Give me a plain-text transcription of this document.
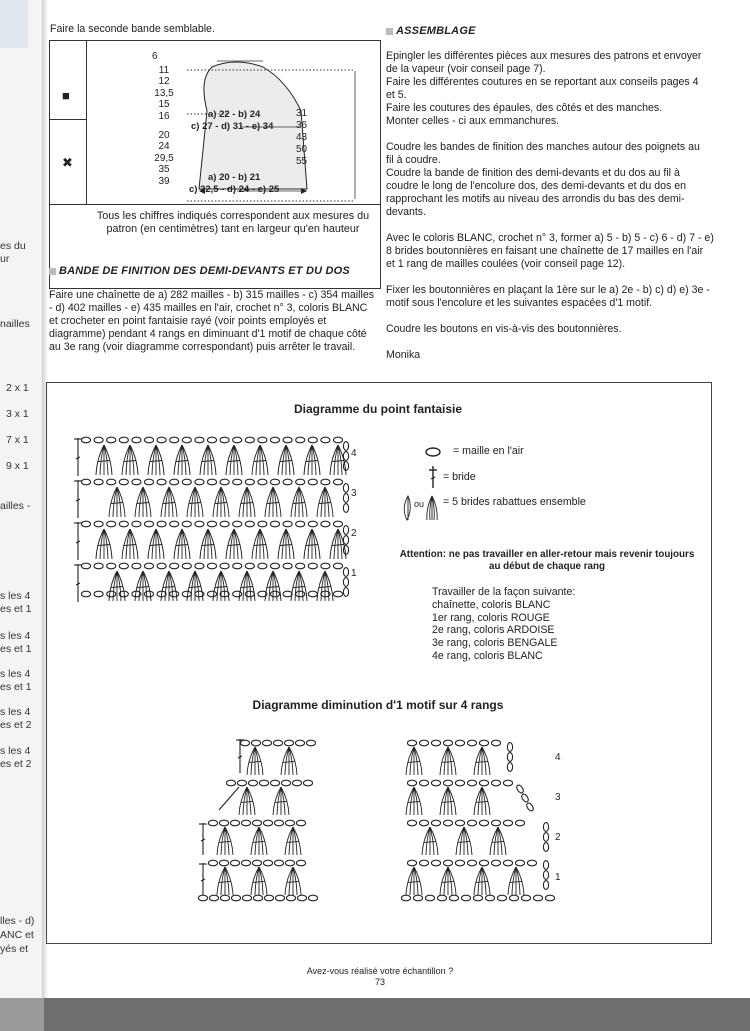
es du
ur
nailles
2 x 1
3 x 1
7 x 1
9 x 1
ailles -
s les 4
es et 1
s les 4
es et 1
s les 4
es et 1
s les 4
es et 2
s les 4
es et 2
lles - d)
ANC et
yés et
Faire la seconde bande semblable.
■
✖
6
11
12
13,5
15
16
20
24
29,5
35
39
31
36
43
50
55
a) 22 - b) 24
c) 27 - d) 31 - e) 34
a) 20 - b) 21
c) 22,5 - d) 24 - e) 25
Tous les chiffres indiqués correspondent aux mesures du patron (en centimètres) tant en largeur qu'en hauteur
BANDE DE FINITION DES DEMI-DEVANTS ET DU DOS
Faire une chaînette de a) 282 mailles - b) 315 mailles - c) 354 mailles
- d) 402 mailles - e) 435 mailles en l'air, crochet n° 3, coloris BLANC
et crocheter en point fantaisie rayé (voir points employés et
diagramme) pendant 4 rangs en diminuant d'1 motif de chaque côté
au 3e rang (voir diagramme correspondant) puis arrêter le travail.
ASSEMBLAGE
Epingler les différentes pièces aux mesures des patrons et envoyer
de la vapeur (voir conseil page 7).
Faire les différentes coutures en se reportant aux conseils pages 4
et 5.
Faire les coutures des épaules, des côtés et des manches.
Monter celles - ci aux emmanchures.

Coudre les bandes de finition des manches autour des poignets au
fil à coudre.
Coudre la bande de finition des demi-devants et du dos au fil à
coudre le long de l'encolure dos, des demi-devants et du dos en
rapprochant les motifs au niveau des arrondis du bas des demi-
devants.

Avec le coloris BLANC, crochet n° 3, former a) 5 - b) 5 - c) 6 - d) 7 - e)
8 brides boutonnières en faisant une chaînette de 17 mailles en l'air
et 1 rang de mailles coulées (voir conseil page 12).

Fixer les boutonnières en plaçant la 1ère sur le a) 2e - b) c) d) e) 3e -
motif sous l'encolure et les suivantes espacées d'1 motif.

Coudre les boutons en vis-à-vis des boutonnières.

Monika
Diagramme du point fantaisie
4
3
2
1
= maille en l'air
= bride
ou = 5 brides rabattues ensemble
Attention: ne pas travailler en aller-retour mais revenir toujours
au début de chaque rang
Travailler de la façon suivante:
chaînette, coloris BLANC
1er rang, coloris ROUGE
2e rang, coloris ARDOISE
3e rang, coloris BENGALE
4e rang, coloris BLANC
Diagramme diminution d'1 motif sur 4 rangs
4
3
2
1
Avez-vous réalisé votre échantillon ?
73
